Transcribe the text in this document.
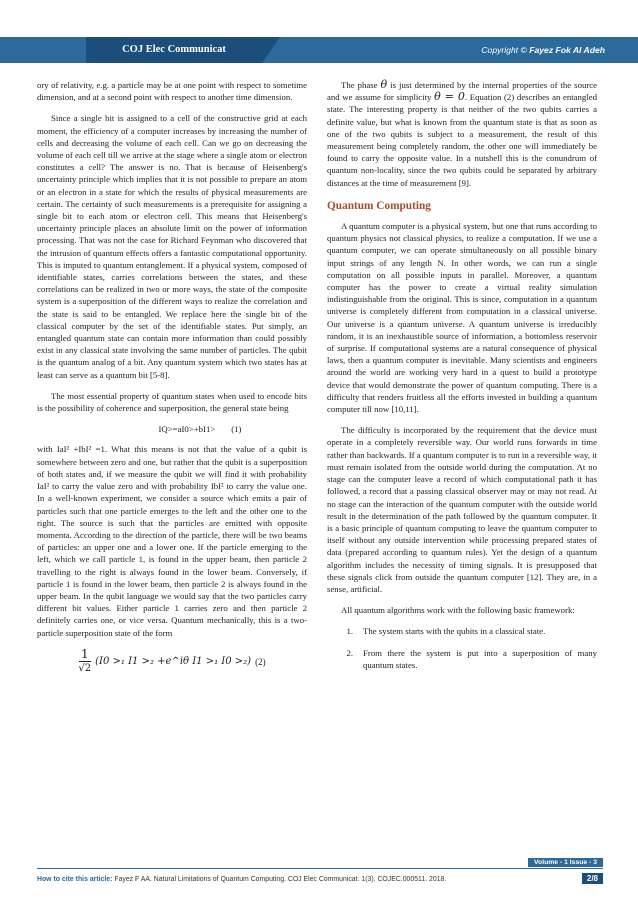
COJ Elec Communicat	Copyright © Fayez Fok Al Adeh

ory of relativity, e.g. a particle may be at one point with respect to sometime dimension, and at a second point with respect to another time dimension.

Since a single bit is assigned to a cell of the constructive grid at each moment, the efficiency of a computer increases by increasing the number of cells and decreasing the volume of each cell. Can we go on decreasing the volume of each cell till we arrive at the stage where a single atom or electron constitutes a cell? The answer is no. That is because of Heisenberg's uncertainty principle which implies that it is not possible to prepare an atom or an electron in a state for which the results of physical measurements are certain. The certainty of such measurements is a prerequisite for assigning a single bit to each atom or electron cell. This means that Heisenberg's uncertainty principle places an absolute limit on the power of information processing. That was not the case for Richard Feynman who discovered that the intrusion of quantum effects offers a fantastic computational opportunity. This is imputed to quantum entanglement. If a physical system, composed of identifiable states, carries correlations between the states, and these correlations can be realized in two or more ways, the state of the composite system is a superposition of the different ways to realize the correlation and the state is said to be entangled. We replace here the single bit of the classical computer by the set of the identifiable states. Put simply, an entangled quantum state can contain more information than could possibly exist in any classical state involving the same number of particles. The qubit is the quantum analog of a bit. Any quantum system which two states has at least can serve as a quantum bit [5-8].

The most essential property of quantum states when used to encode bits is the possibility of coherence and superposition, the general state being

IQ>=aI0>+bI1> (1)

with IaI² +IbI² =1. What this means is not that the value of a qubit is somewhere between zero and one, but rather that the qubit is a superposition of both states and, if we measure the qubit we will find it with probability IaI² to carry the value zero and with probability IbI² to carry the value one. In a well-known experiment, we consider a source which emits a pair of particles such that one particle emerges to the left and the other one to the right. The source is such that the particles are emitted with opposite momenta. According to the direction of the particle, there will be two beams of particles: an upper one and a lower one. If the particle emerging to the left, which we call particle 1, is found in the upper beam, then particle 2 travelling to the right is always found in the lower beam. Conversely, if particle 1 is found in the lower beam, then particle 2 is always found in the upper beam. In the qubit language we would say that the two particles carry different bit values. Either particle 1 carries zero and then particle 2 definitely carries one, or vice versa. Quantum mechanically, this is a two-particle superposition state of the form

$\frac{1}{√2} (I0 >_1$ I1 >₂ +e^iθ I1 >₁ I0 >₂) (2)

The phase θ is just determined by the internal properties of the source and we assume for simplicity θ = 0. Equation (2) describes an entangled state. The interesting property is that neither of the two qubits carries a definite value, but what is known from the quantum state is that as soon as one of the two qubits is subject to a measurement, the result of this measurement being completely random, the other one will immediately be found to carry the opposite value. In a nutshell this is the conundrum of quantum non-locality, since the two qubits could be separated by arbitrary distances at the time of measurement [9].

Quantum Computing

A quantum computer is a physical system, but one that runs according to quantum physics not classical physics, to realize a computation. If we use a quantum computer, we can operate simultaneously on all possible binary input strings of any length N. In other words, we can run a single computation on all possible inputs in parallel. Moreover, a quantum computer has the power to create a virtual reality simulation indistinguishable from the original. This is since, computation in a quantum universe is completely different from computation in a classical universe. Our universe is a quantum universe. A quantum universe is irreducibly random, it is an inexhaustible source of information, a bottomless reservoir of surprise. If computational systems are a natural consequence of physical laws, then a quantum computer is inevitable. Many scientists and engineers around the world are working very hard in a quest to build a prototype device that would demonstrate the power of quantum computing. There is a difficulty that renders fruitless all the efforts invested in building a quantum computer till now [10,11].

The difficulty is incorporated by the requirement that the device must operate in a completely reversible way. Our world runs forwards in time rather than backwards. If a quantum computer is to run in a reversible way, it must remain isolated from the outside world during the computation. At no stage can the computer leave a record of which computational path it has followed, a record that a passing classical observer may or may not read. At no stage can the interaction of the quantum computer with the outside world result in the determination of the path followed by the quantum computer. It is a basic principle of quantum computing to leave the quantum computer to itself without any outside intervention while processing prepared states of data (prepared according to quantum rules). Yet the design of a quantum algorithm includes the necessity of timing signals. It is presupposed that these signals click from outside the quantum computer [12]. They are, in a sense, artificial.

All quantum algorithms work with the following basic framework:

1.	The system starts with the qubits in a classical state.
2.	From there the system is put into a superposition of many quantum states.
Volume - 1 Issue - 3
How to cite this article: Fayez F AA. Natural Limitations of Quantum Computing. COJ Elec Communicat. 1(3). COJEC.000511. 2018.	2/8
